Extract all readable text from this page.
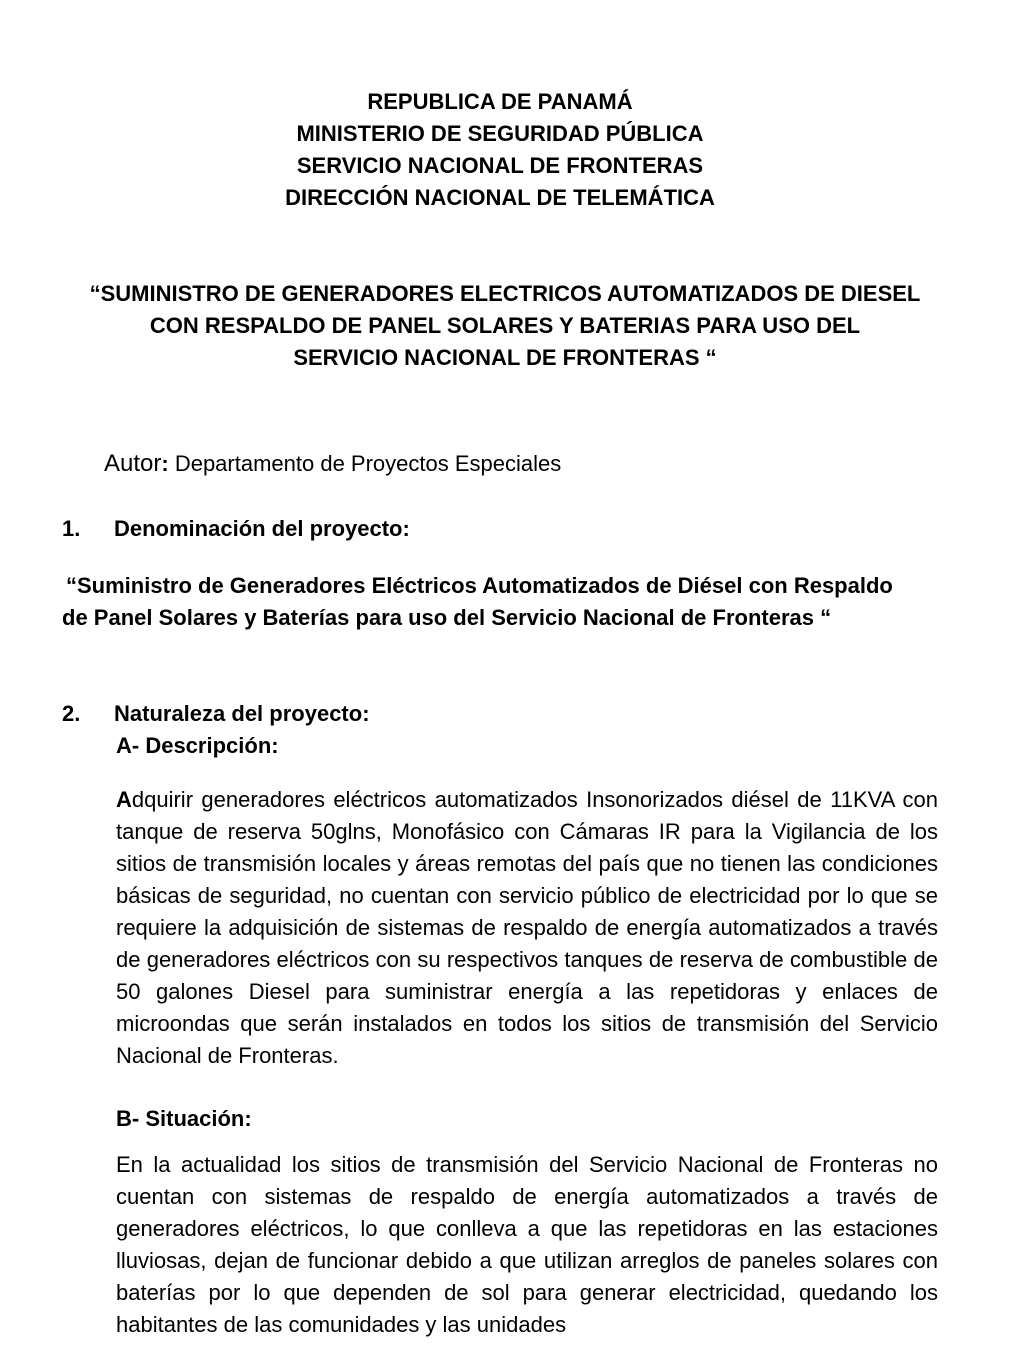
REPUBLICA DE PANAMÁ
MINISTERIO DE SEGURIDAD PÚBLICA
SERVICIO NACIONAL DE FRONTERAS
DIRECCIÓN NACIONAL DE TELEMÁTICA
“SUMINISTRO DE GENERADORES ELECTRICOS AUTOMATIZADOS DE DIESEL
CON RESPALDO DE PANEL SOLARES Y BATERIAS PARA USO DEL
SERVICIO NACIONAL DE FRONTERAS “
Autor: Departamento de Proyectos Especiales
1. Denominación del proyecto:
“Suministro de Generadores Eléctricos Automatizados de Diésel con Respaldo
de Panel Solares y Baterías para uso del Servicio Nacional de Fronteras “
2. Naturaleza del proyecto:
A- Descripción:
Adquirir generadores eléctricos automatizados Insonorizados diésel de 11KVA con tanque de reserva 50glns, Monofásico con Cámaras IR para la Vigilancia de los sitios de transmisión locales y áreas remotas del país que no tienen las condiciones básicas de seguridad, no cuentan con servicio público de electricidad por lo que se requiere la adquisición de sistemas de respaldo de energía automatizados a través de generadores eléctricos con su respectivos tanques de reserva de combustible de 50 galones Diesel para suministrar energía a las repetidoras y enlaces de microondas que serán instalados en todos los sitios de transmisión del Servicio Nacional de Fronteras.
B- Situación:
En la actualidad los sitios de transmisión del Servicio Nacional de Fronteras no cuentan con sistemas de respaldo de energía automatizados a través de generadores eléctricos, lo que conlleva a que las repetidoras en las estaciones lluviosas, dejan de funcionar debido a que utilizan arreglos de paneles solares con baterías por lo que dependen de sol para generar electricidad, quedando los habitantes de las comunidades y las unidades
